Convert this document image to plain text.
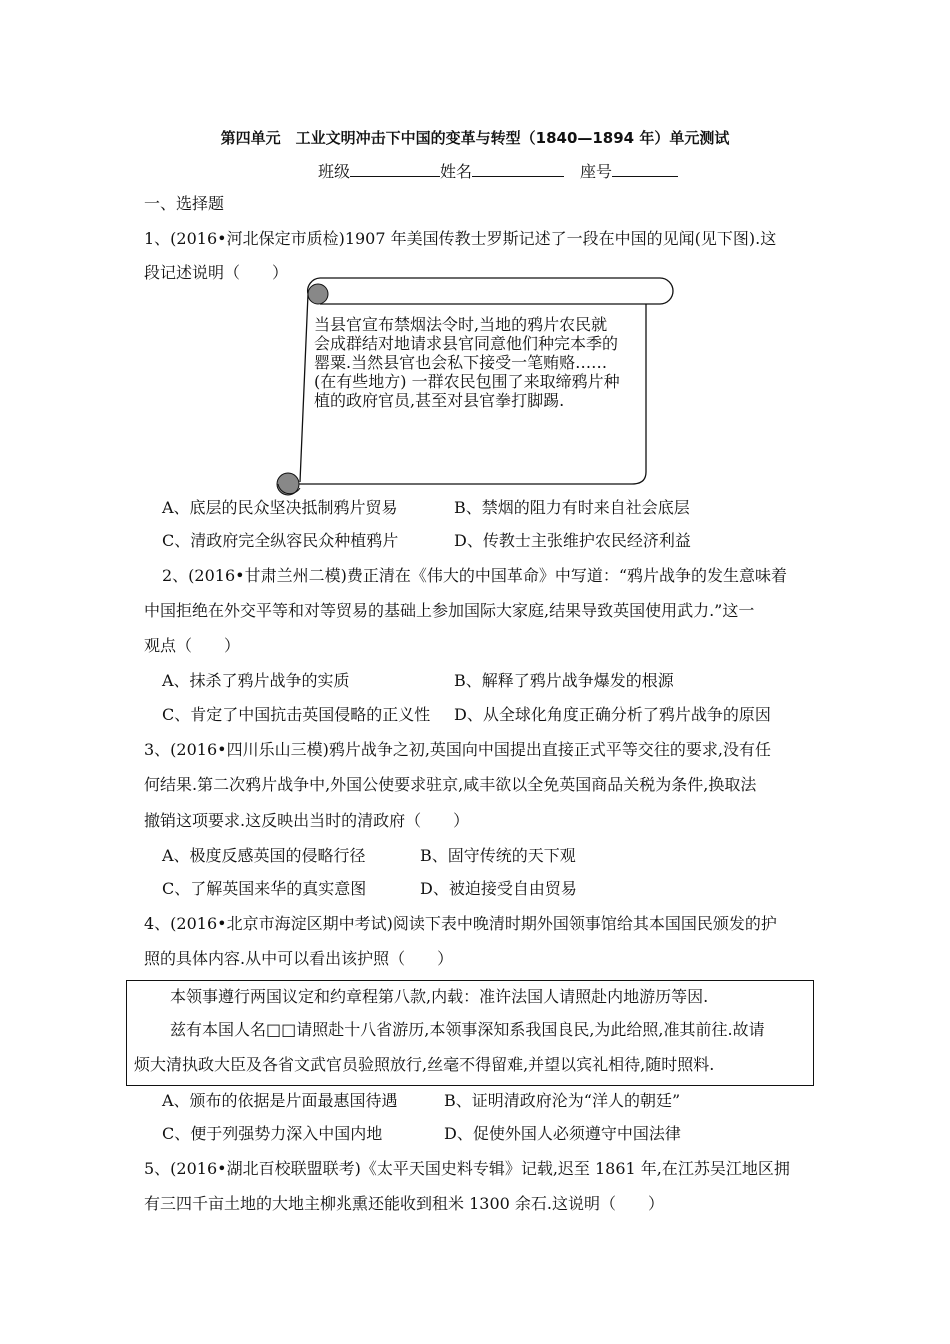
第四单元　工业文明冲击下中国的变革与转型（1840—1894 年）单元测试
班级	姓名	座号
一、选择题
1、(2016•河北保定市质检)1907 年美国传教士罗斯记述了一段在中国的见闻(见下图).这
段记述说明（　　）
当县官宣布禁烟法令时,当地的鸦片农民就
会成群结对地请求县官同意他们种完本季的
罂粟.当然县官也会私下接受一笔贿赂……
(在有些地方) 一群农民包围了来取缔鸦片种
植的政府官员,甚至对县官拳打脚踢.
A、底层的民众坚决抵制鸦片贸易	B、禁烟的阻力有时来自社会底层
C、清政府完全纵容民众种植鸦片	D、传教士主张维护农民经济利益
2、(2016•甘肃兰州二模)费正清在《伟大的中国革命》中写道：“鸦片战争的发生意味着
中国拒绝在外交平等和对等贸易的基础上参加国际大家庭,结果导致英国使用武力.”这一
观点（　　）
A、抹杀了鸦片战争的实质	B、解释了鸦片战争爆发的根源
C、肯定了中国抗击英国侵略的正义性 D、从全球化角度正确分析了鸦片战争的原因
3、(2016•四川乐山三模)鸦片战争之初,英国向中国提出直接正式平等交往的要求,没有任
何结果.第二次鸦片战争中,外国公使要求驻京,咸丰欲以全免英国商品关税为条件,换取法
撤销这项要求.这反映出当时的清政府（　　）
A、极度反感英国的侵略行径	B、固守传统的天下观
C、了解英国来华的真实意图	D、被迫接受自由贸易
4、(2016•北京市海淀区期中考试)阅读下表中晚清时期外国领事馆给其本国国民颁发的护
照的具体内容.从中可以看出该护照（　　）
本领事遵行两国议定和约章程第八款,内载：准许法国人请照赴内地游历等因.
兹有本国人名□□请照赴十八省游历,本领事深知系我国良民,为此给照,准其前往.故请
烦大清执政大臣及各省文武官员验照放行,丝毫不得留难,并望以宾礼相待,随时照料.
A、颁布的依据是片面最惠国待遇	B、证明清政府沦为“洋人的朝廷”
C、便于列强势力深入中国内地	D、促使外国人必须遵守中国法律
5、(2016•湖北百校联盟联考)《太平天国史料专辑》记载,迟至 1861 年,在江苏吴江地区拥
有三四千亩土地的大地主柳兆熏还能收到租米 1300 余石.这说明（　　）
